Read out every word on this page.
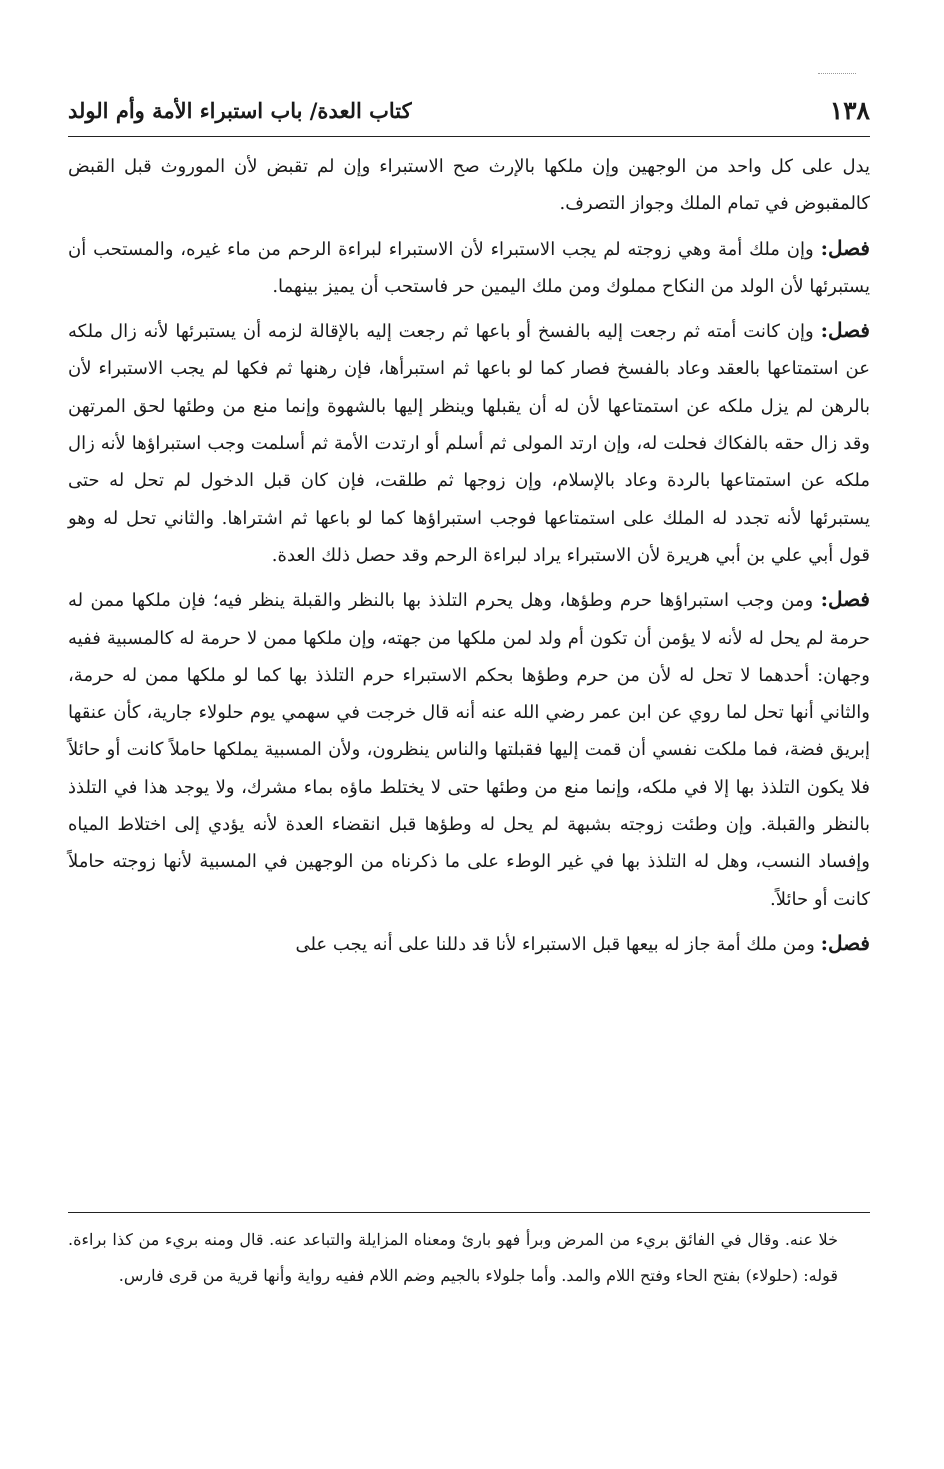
١٣٨
كتاب العدة/ باب استبراء الأمة وأم الولد

يدل على كل واحد من الوجهين وإن ملكها بالإرث صح الاستبراء وإن لم تقبض لأن الموروث قبل القبض كالمقبوض في تمام الملك وجواز التصرف.

فصل: وإن ملك أمة وهي زوجته لم يجب الاستبراء لأن الاستبراء لبراءة الرحم من ماء غيره، والمستحب أن يستبرئها لأن الولد من النكاح مملوك ومن ملك اليمين حر فاستحب أن يميز بينهما.

فصل: وإن كانت أمته ثم رجعت إليه بالفسخ أو باعها ثم رجعت إليه بالإقالة لزمه أن يستبرئها لأنه زال ملكه عن استمتاعها بالعقد وعاد بالفسخ فصار كما لو باعها ثم استبرأها، فإن رهنها ثم فكها لم يجب الاستبراء لأن بالرهن لم يزل ملكه عن استمتاعها لأن له أن يقبلها وينظر إليها بالشهوة وإنما منع من وطئها لحق المرتهن وقد زال حقه بالفكاك فحلت له، وإن ارتد المولى ثم أسلم أو ارتدت الأمة ثم أسلمت وجب استبراؤها لأنه زال ملكه عن استمتاعها بالردة وعاد بالإسلام، وإن زوجها ثم طلقت، فإن كان قبل الدخول لم تحل له حتى يستبرئها لأنه تجدد له الملك على استمتاعها فوجب استبراؤها كما لو باعها ثم اشتراها. والثاني تحل له وهو قول أبي علي بن أبي هريرة لأن الاستبراء يراد لبراءة الرحم وقد حصل ذلك العدة.

فصل: ومن وجب استبراؤها حرم وطؤها، وهل يحرم التلذذ بها بالنظر والقبلة ينظر فيه؛ فإن ملكها ممن له حرمة لم يحل له لأنه لا يؤمن أن تكون أم ولد لمن ملكها من جهته، وإن ملكها ممن لا حرمة له كالمسبية ففيه وجهان: أحدهما لا تحل له لأن من حرم وطؤها بحكم الاستبراء حرم التلذذ بها كما لو ملكها ممن له حرمة، والثاني أنها تحل لما روي عن ابن عمر رضي الله عنه أنه قال خرجت في سهمي يوم حلولاء جارية، كأن عنقها إبريق فضة، فما ملكت نفسي أن قمت إليها فقبلتها والناس ينظرون، ولأن المسبية يملكها حاملاً كانت أو حائلاً فلا يكون التلذذ بها إلا في ملكه، وإنما منع من وطئها حتى لا يختلط ماؤه بماء مشرك، ولا يوجد هذا في التلذذ بالنظر والقبلة. وإن وطئت زوجته بشبهة لم يحل له وطؤها قبل انقضاء العدة لأنه يؤدي إلى اختلاط المياه وإفساد النسب، وهل له التلذذ بها في غير الوطء على ما ذكرناه من الوجهين في المسبية لأنها زوجته حاملاً كانت أو حائلاً.

فصل: ومن ملك أمة جاز له بيعها قبل الاستبراء لأنا قد دللنا على أنه يجب على

خلا عنه. وقال في الفائق بريء من المرض وبرأ فهو بارئ ومعناه المزايلة والتباعد عنه. قال ومنه بريء من كذا براءة. قوله: (حلولاء) بفتح الحاء وفتح اللام والمد. وأما جلولاء بالجيم وضم اللام ففيه رواية وأنها قرية من قرى فارس.
